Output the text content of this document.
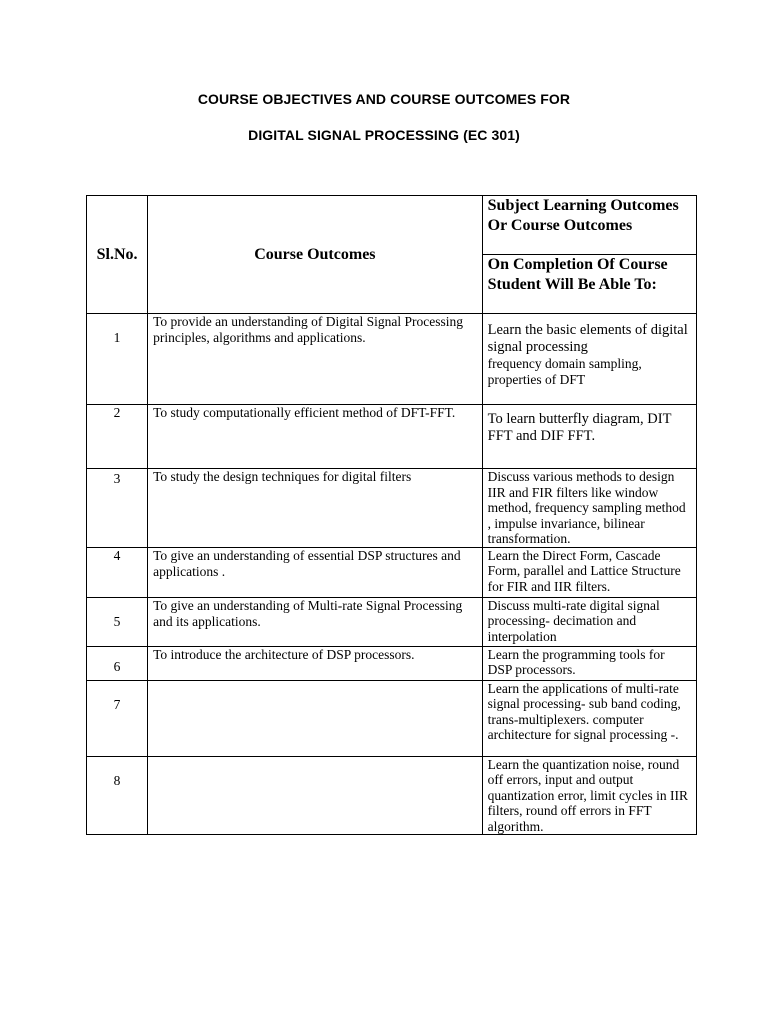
COURSE OBJECTIVES AND COURSE OUTCOMES FOR
DIGITAL SIGNAL PROCESSING (EC 301)
Sl.No.	Course Outcomes	Subject Learning Outcomes Or Course Outcomes
		On Completion Of Course Student Will Be Able To:
1	To provide an understanding of Digital Signal Processing principles, algorithms and applications.	Learn the basic elements of digital signal processing
frequency domain sampling, properties of DFT

2	To study computationally efficient method of DFT-FFT.	To learn butterfly diagram, DIT FFT and DIF FFT.
3	To study the design techniques for digital filters	Discuss various methods to design IIR and FIR filters like window method, frequency sampling method , impulse invariance, bilinear transformation.
4	To give an understanding of essential DSP structures and applications .	Learn the Direct Form, Cascade Form, parallel and Lattice Structure for FIR and IIR filters.
5	To give an understanding of Multi-rate Signal Processing and its applications.	Discuss multi-rate digital signal processing- decimation and interpolation
6	To introduce the architecture of DSP processors.	Learn the programming tools for DSP processors.
7		Learn the applications of multi-rate signal processing- sub band coding, trans-multiplexers. computer architecture for signal processing -.
8		Learn the quantization noise, round off errors, input and output quantization error, limit cycles in IIR filters, round off errors in FFT algorithm.
